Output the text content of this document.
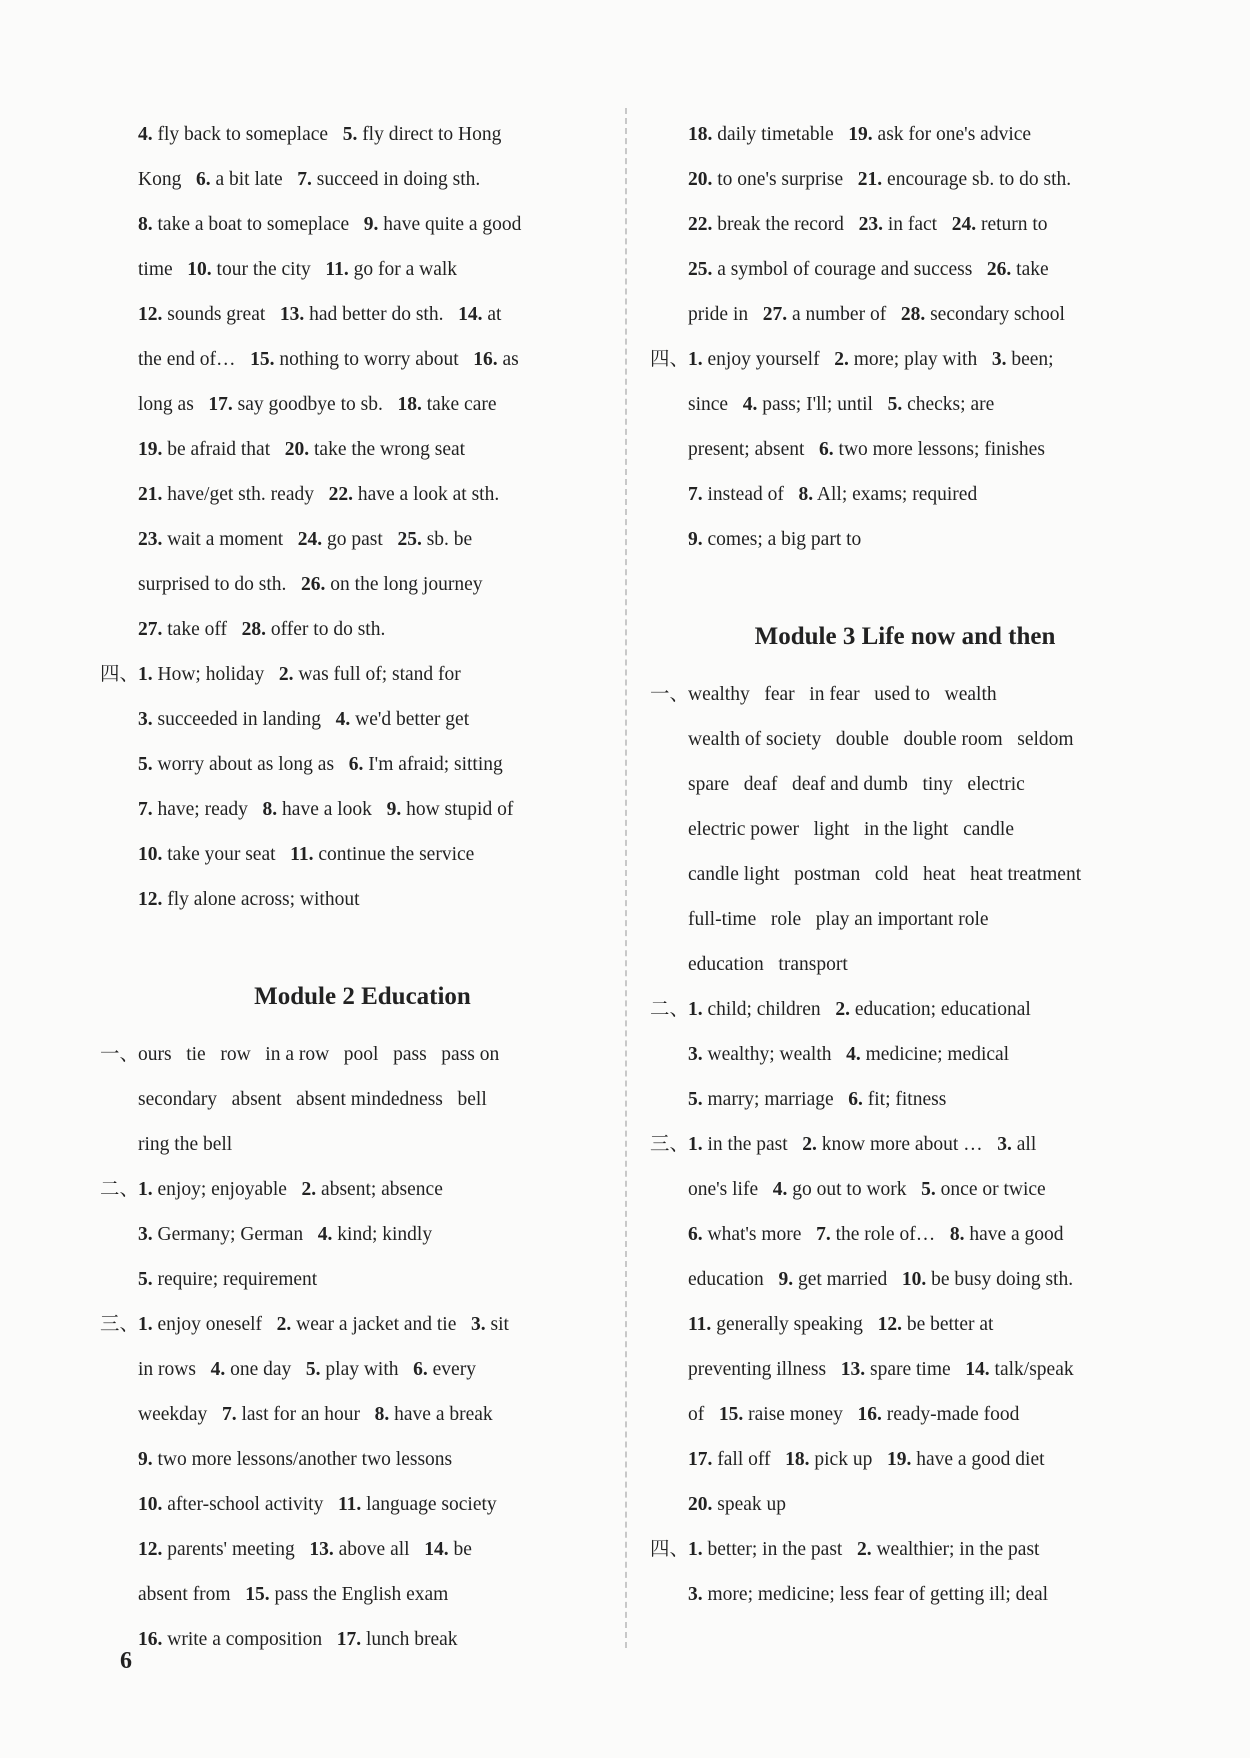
4. fly back to someplace   5. fly direct to Hong
Kong   6. a bit late   7. succeed in doing sth.
8. take a boat to someplace   9. have quite a good
time   10. tour the city   11. go for a walk
12. sounds great   13. had better do sth.   14. at
the end of…   15. nothing to worry about   16. as
long as   17. say goodbye to sb.   18. take care
19. be afraid that   20. take the wrong seat
21. have/get sth. ready   22. have a look at sth.
23. wait a moment   24. go past   25. sb. be
surprised to do sth.   26. on the long journey
27. take off   28. offer to do sth.
四、1. How; holiday   2. was full of; stand for
3. succeeded in landing   4. we'd better get
5. worry about as long as   6. I'm afraid; sitting
7. have; ready   8. have a look   9. how stupid of
10. take your seat   11. continue the service
12. fly alone across; without
Module 2 Education
一、ours   tie   row   in a row   pool   pass   pass on
secondary   absent   absent mindedness   bell
ring the bell
二、1. enjoy; enjoyable   2. absent; absence
3. Germany; German   4. kind; kindly
5. require; requirement
三、1. enjoy oneself   2. wear a jacket and tie   3. sit
in rows   4. one day   5. play with   6. every
weekday   7. last for an hour   8. have a break
9. two more lessons/another two lessons
10. after-school activity   11. language society
12. parents' meeting   13. above all   14. be
absent from   15. pass the English exam
16. write a composition   17. lunch break
18. daily timetable   19. ask for one's advice
20. to one's surprise   21. encourage sb. to do sth.
22. break the record   23. in fact   24. return to
25. a symbol of courage and success   26. take
pride in   27. a number of   28. secondary school
四、1. enjoy yourself   2. more; play with   3. been;
since   4. pass; I'll; until   5. checks; are
present; absent   6. two more lessons; finishes
7. instead of   8. All; exams; required
9. comes; a big part to
Module 3 Life now and then
一、wealthy   fear   in fear   used to   wealth
wealth of society   double   double room   seldom
spare   deaf   deaf and dumb   tiny   electric
electric power   light   in the light   candle
candle light   postman   cold   heat   heat treatment
full-time   role   play an important role
education   transport
二、1. child; children   2. education; educational
3. wealthy; wealth   4. medicine; medical
5. marry; marriage   6. fit; fitness
三、1. in the past   2. know more about …   3. all
one's life   4. go out to work   5. once or twice
6. what's more   7. the role of…   8. have a good
education   9. get married   10. be busy doing sth.
11. generally speaking   12. be better at
preventing illness   13. spare time   14. talk/speak
of   15. raise money   16. ready-made food
17. fall off   18. pick up   19. have a good diet
20. speak up
四、1. better; in the past   2. wealthier; in the past
3. more; medicine; less fear of getting ill; deal
6
